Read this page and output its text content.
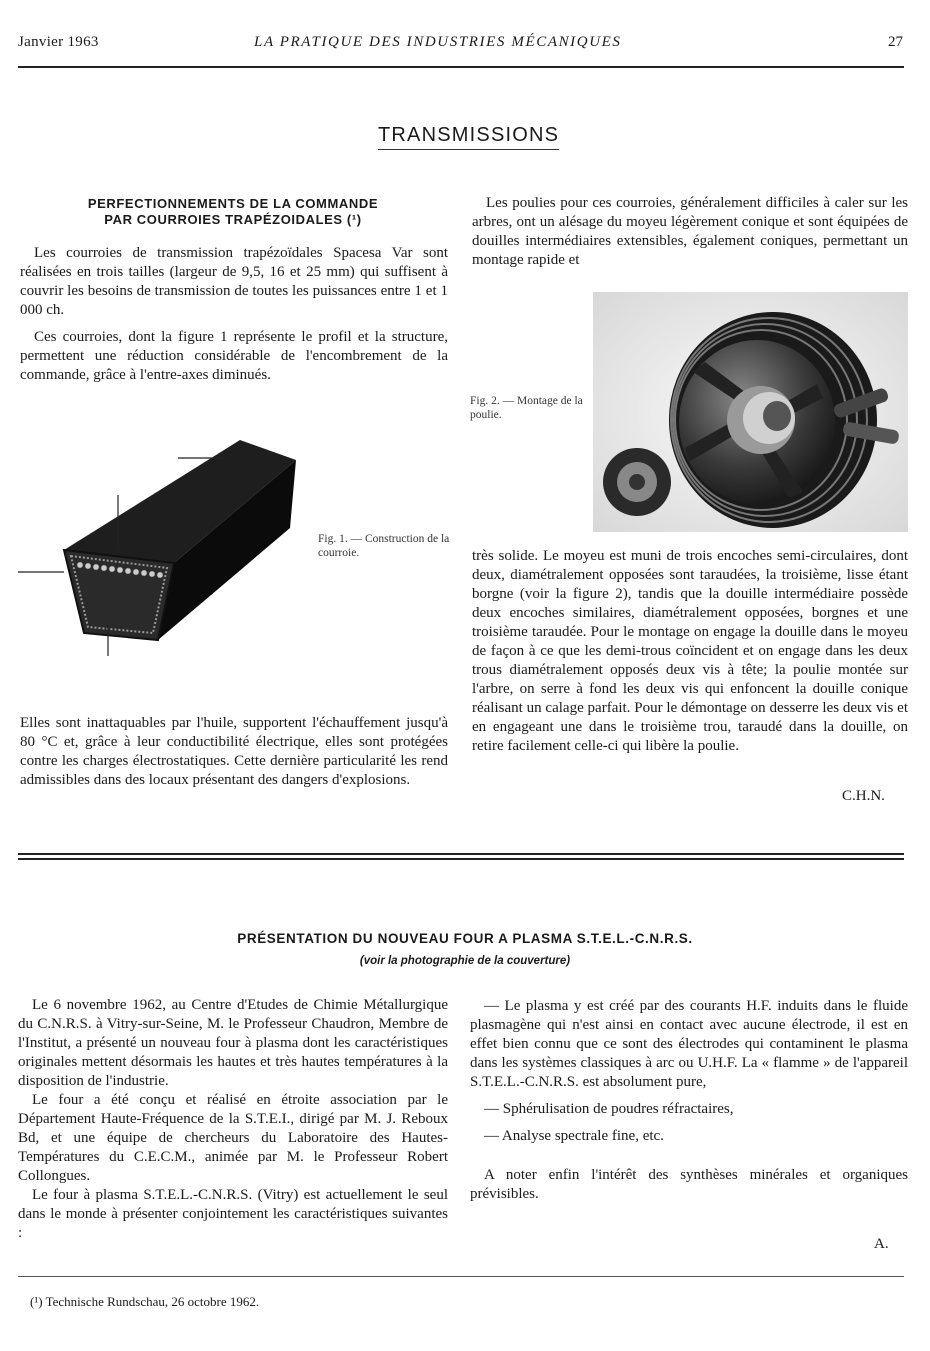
Janvier 1963	LA PRATIQUE DES INDUSTRIES MÉCANIQUES	27
TRANSMISSIONS
PERFECTIONNEMENTS DE LA COMMANDE
PAR COURROIES TRAPÉZOIDALES (¹)

Les courroies de transmission trapézoïdales Spacesa Var sont réalisées en trois tailles (largeur de 9,5, 16 et 25 mm) qui suffisent à couvrir les besoins de transmission de toutes les puissances entre 1 et 1 000 ch.

Ces courroies, dont la figure 1 représente le profil et la structure, permettent une réduction considérable de l'encombrement de la commande, grâce à l'entre-axes diminués.

Fig. 1. — Construction de la courroie.
Elles sont inattaquables par l'huile, supportent l'échauffement jusqu'à 80 °C et, grâce à leur conductibilité électrique, elles sont protégées contre les charges électrostatiques. Cette dernière particularité les rend admissibles dans des locaux présentant des dangers d'explosions.
Les poulies pour ces courroies, généralement difficiles à caler sur les arbres, ont un alésage du moyeu légèrement conique et sont équipées de douilles intermédiaires extensibles, également coniques, permettant un montage rapide et
Fig. 2. — Montage de la poulie.
très solide. Le moyeu est muni de trois encoches semi-circulaires, dont deux, diamétralement opposées sont taraudées, la troisième, lisse étant borgne (voir la figure 2), tandis que la douille intermédiaire possède deux encoches similaires, diamétralement opposées, borgnes et une troisième taraudée. Pour le montage on engage la douille dans le moyeu de façon à ce que les demi-trous coïncident et on engage dans les deux trous diamétralement opposés deux vis à tête; la poulie montée sur l'arbre, on serre à fond les deux vis qui enfoncent la douille conique réalisant un calage parfait. Pour le démontage on desserre les deux vis et en engageant une dans le troisième trou, taraudé dans la douille, on retire facilement celle-ci qui libère la poulie.
C.H.N.
PRÉSENTATION DU NOUVEAU FOUR A PLASMA S.T.E.L.-C.N.R.S.
(voir la photographie de la couverture)

Le 6 novembre 1962, au Centre d'Etudes de Chimie Métallurgique du C.N.R.S. à Vitry-sur-Seine, M. le Professeur Chaudron, Membre de l'Institut, a présenté un nouveau four à plasma dont les caractéristiques originales mettent désormais les hautes et très hautes températures à la disposition de l'industrie.

Le four a été conçu et réalisé en étroite association par le Département Haute-Fréquence de la S.T.E.I., dirigé par M. J. Reboux Bd, et une équipe de chercheurs du Laboratoire des Hautes-Températures du C.E.C.M., animée par M. le Professeur Robert Collongues.

Le four à plasma S.T.E.L.-C.N.R.S. (Vitry) est actuellement le seul dans le monde à présenter conjointement les caractéristiques suivantes :

— Le plasma y est créé par des courants H.F. induits dans le fluide plasmagène qui n'est ainsi en contact avec aucune électrode, il est en effet bien connu que ce sont des électrodes qui contaminent le plasma dans les systèmes classiques à arc ou U.H.F. La « flamme » de l'appareil S.T.E.L.-C.N.R.S. est absolument pure,

— Sphérulisation de poudres réfractaires,

— Analyse spectrale fine, etc.

A noter enfin l'intérêt des synthèses minérales et organiques prévisibles.

A.
(¹) Technische Rundschau, 26 octobre 1962.
